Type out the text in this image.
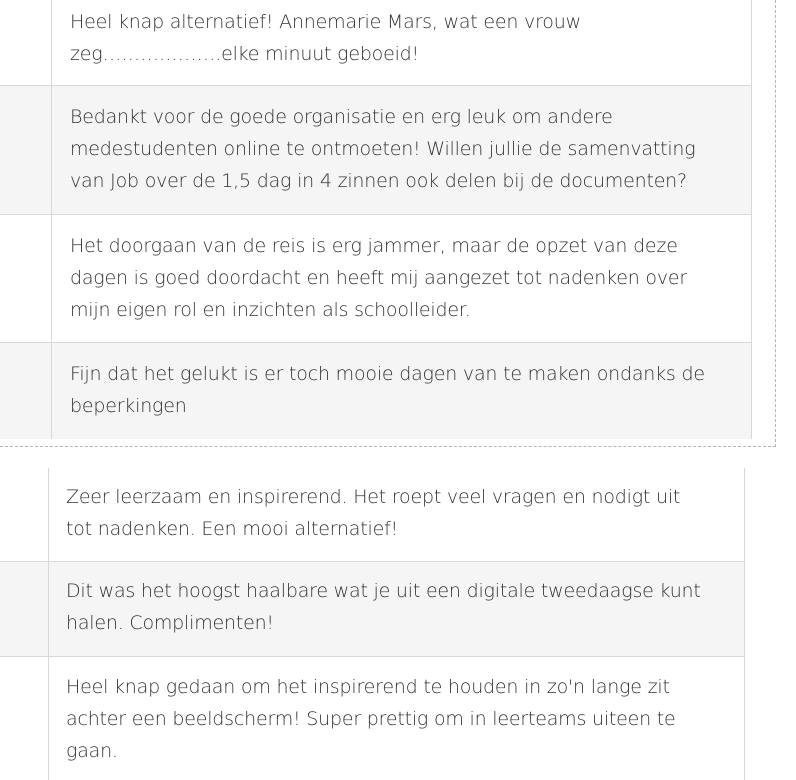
Heel knap alternatief! Annemarie Mars, wat een vrouw
zeg……………….elke minuut geboeid!
Bedankt voor de goede organisatie en erg leuk om andere
medestudenten online te ontmoeten! Willen jullie de samenvatting
van Job over de 1,5 dag in 4 zinnen ook delen bij de documenten?
Het doorgaan van de reis is erg jammer, maar de opzet van deze
dagen is goed doordacht en heeft mij aangezet tot nadenken over
mijn eigen rol en inzichten als schoolleider.
Fijn dat het gelukt is er toch mooie dagen van te maken ondanks de
beperkingen
Zeer leerzaam en inspirerend. Het roept veel vragen en nodigt uit
tot nadenken. Een mooi alternatief!
Dit was het hoogst haalbare wat je uit een digitale tweedaagse kunt
halen. Complimenten!
Heel knap gedaan om het inspirerend te houden in zo'n lange zit
achter een beeldscherm! Super prettig om in leerteams uiteen te
gaan.
